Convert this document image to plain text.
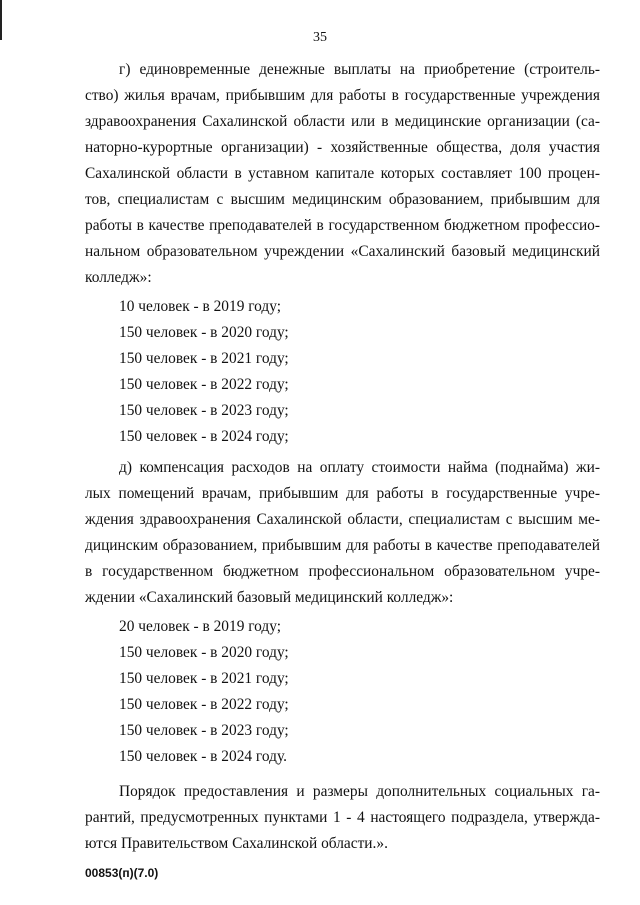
35
г) единовременные денежные выплаты на приобретение (строитель-
ство) жилья врачам, прибывшим для работы в государственные учреждения
здравоохранения Сахалинской области или в медицинские организации (са-
наторно-курортные организации) - хозяйственные общества, доля участия
Сахалинской области в уставном капитале которых составляет 100 процен-
тов, специалистам с высшим медицинским образованием, прибывшим для
работы в качестве преподавателей в государственном бюджетном профессио-
нальном образовательном учреждении «Сахалинский базовый медицинский
колледж»:
10 человек - в 2019 году;
150 человек - в 2020 году;
150 человек - в 2021 году;
150 человек - в 2022 году;
150 человек - в 2023 году;
150 человек - в 2024 году;
д) компенсация расходов на оплату стоимости найма (поднайма) жи-
лых помещений врачам, прибывшим для работы в государственные учре-
ждения здравоохранения Сахалинской области, специалистам с высшим ме-
дицинским образованием, прибывшим для работы в качестве преподавателей
в государственном бюджетном профессиональном образовательном учре-
ждении «Сахалинский базовый медицинский колледж»:
20 человек - в 2019 году;
150 человек - в 2020 году;
150 человек - в 2021 году;
150 человек - в 2022 году;
150 человек - в 2023 году;
150 человек - в 2024 году.
Порядок предоставления и размеры дополнительных социальных га-
рантий, предусмотренных пунктами 1 - 4 настоящего подраздела, утвержда-
ются Правительством Сахалинской области.».
00853(п)(7.0)
